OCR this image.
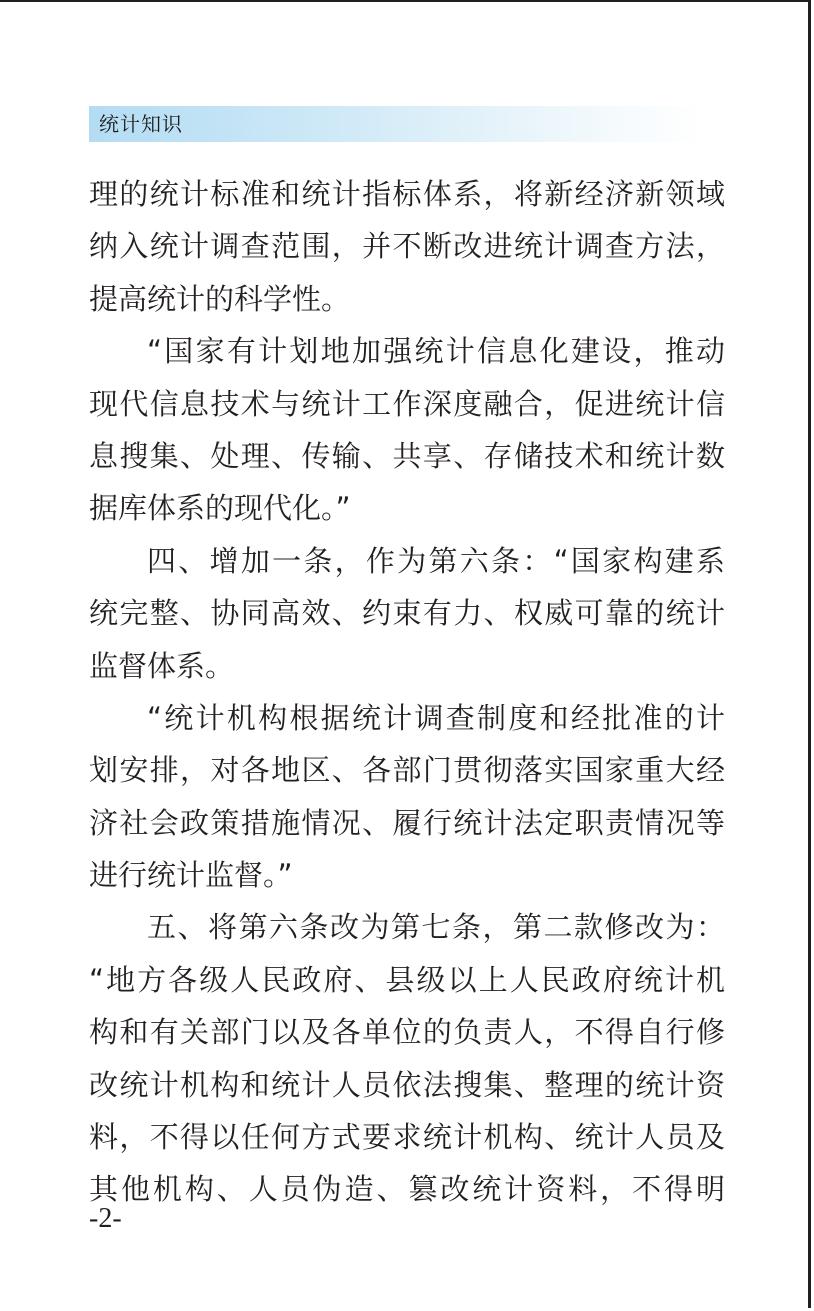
统计知识
理的统计标准和统计指标体系，将新经济新领域
纳入统计调查范围，并不断改进统计调查方法，
提高统计的科学性。
“国家有计划地加强统计信息化建设，推动
现代信息技术与统计工作深度融合，促进统计信
息搜集、处理、传输、共享、存储技术和统计数
据库体系的现代化。”
四、增加一条，作为第六条：“国家构建系
统完整、协同高效、约束有力、权威可靠的统计
监督体系。
“统计机构根据统计调查制度和经批准的计
划安排，对各地区、各部门贯彻落实国家重大经
济社会政策措施情况、履行统计法定职责情况等
进行统计监督。”
五、将第六条改为第七条，第二款修改为：
“地方各级人民政府、县级以上人民政府统计机
构和有关部门以及各单位的负责人，不得自行修
改统计机构和统计人员依法搜集、整理的统计资
料，不得以任何方式要求统计机构、统计人员及
其他机构、人员伪造、篡改统计资料，不得明
-2-
